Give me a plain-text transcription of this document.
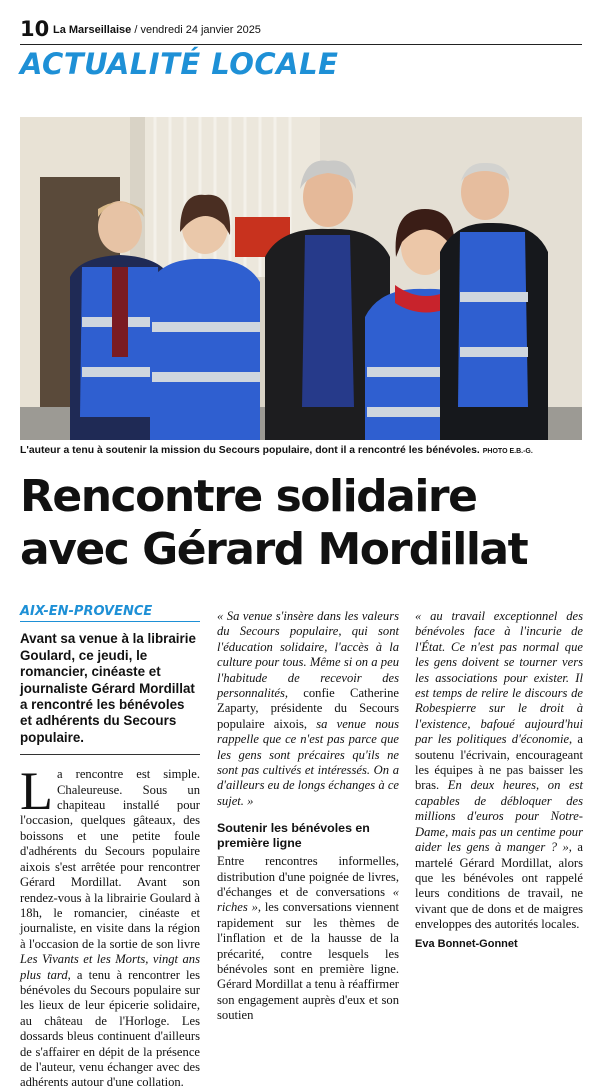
10 La Marseillaise / vendredi 24 janvier 2025
ACTUALITÉ LOCALE
L'auteur a tenu à soutenir la mission du Secours populaire, dont il a rencontré les bénévoles. PHOTO E.B.-G.
Rencontre solidaire
avec Gérard Mordillat
AIX-EN-PROVENCE
Avant sa venue à la librairie Goulard, ce jeudi, le romancier, cinéaste et journaliste Gérard Mordillat a rencontré les bénévoles et adhérents du Secours populaire.
La rencontre est simple. Chaleureuse. Sous un chapiteau installé pour l'occasion, quelques gâteaux, des boissons et une petite foule d'adhérents du Secours populaire aixois s'est arrêtée pour rencontrer Gérard Mordillat. Avant son rendez-vous à la librairie Goulard à 18h, le romancier, cinéaste et journaliste, en visite dans la région à l'occasion de la sortie de son livre Les Vivants et les Morts, vingt ans plus tard, a tenu à rencontrer les bénévoles du Secours populaire sur les lieux de leur épicerie solidaire, au château de l'Horloge. Les dossards bleus continuent d'ailleurs de s'affairer en dépit de la présence de l'auteur, venu échanger avec des adhérents autour d'une collation.
« Sa venue s'insère dans les valeurs du Secours populaire, qui sont l'éducation solidaire, l'accès à la culture pour tous. Même si on a peu l'habitude de recevoir des personnalités, confie Catherine Zaparty, présidente du Secours populaire aixois, sa venue nous rappelle que ce n'est pas parce que les gens sont précaires qu'ils ne sont pas cultivés et intéressés. On a d'ailleurs eu de longs échanges à ce sujet. »
Soutenir les bénévoles en première ligne
Entre rencontres informelles, distribution d'une poignée de livres, d'échanges et de conversations « riches », les conversations viennent rapidement sur les thèmes de l'inflation et de la hausse de la précarité, contre lesquels les bénévoles sont en première ligne. Gérard Mordillat a tenu à réaffirmer son engagement auprès d'eux et son soutien
« au travail exceptionnel des bénévoles face à l'incurie de l'État. Ce n'est pas normal que les gens doivent se tourner vers les associations pour exister. Il est temps de relire le discours de Robespierre sur le droit à l'existence, bafoué aujourd'hui par les politiques d'économie, a soutenu l'écrivain, encourageant les équipes à ne pas baisser les bras. En deux heures, on est capables de débloquer des millions d'euros pour Notre-Dame, mais pas un centime pour aider les gens à manger ? », a martelé Gérard Mordillat, alors que les bénévoles ont rappelé leurs conditions de travail, ne vivant que de dons et de maigres enveloppes des autorités locales.
Eva Bonnet-Gonnet
